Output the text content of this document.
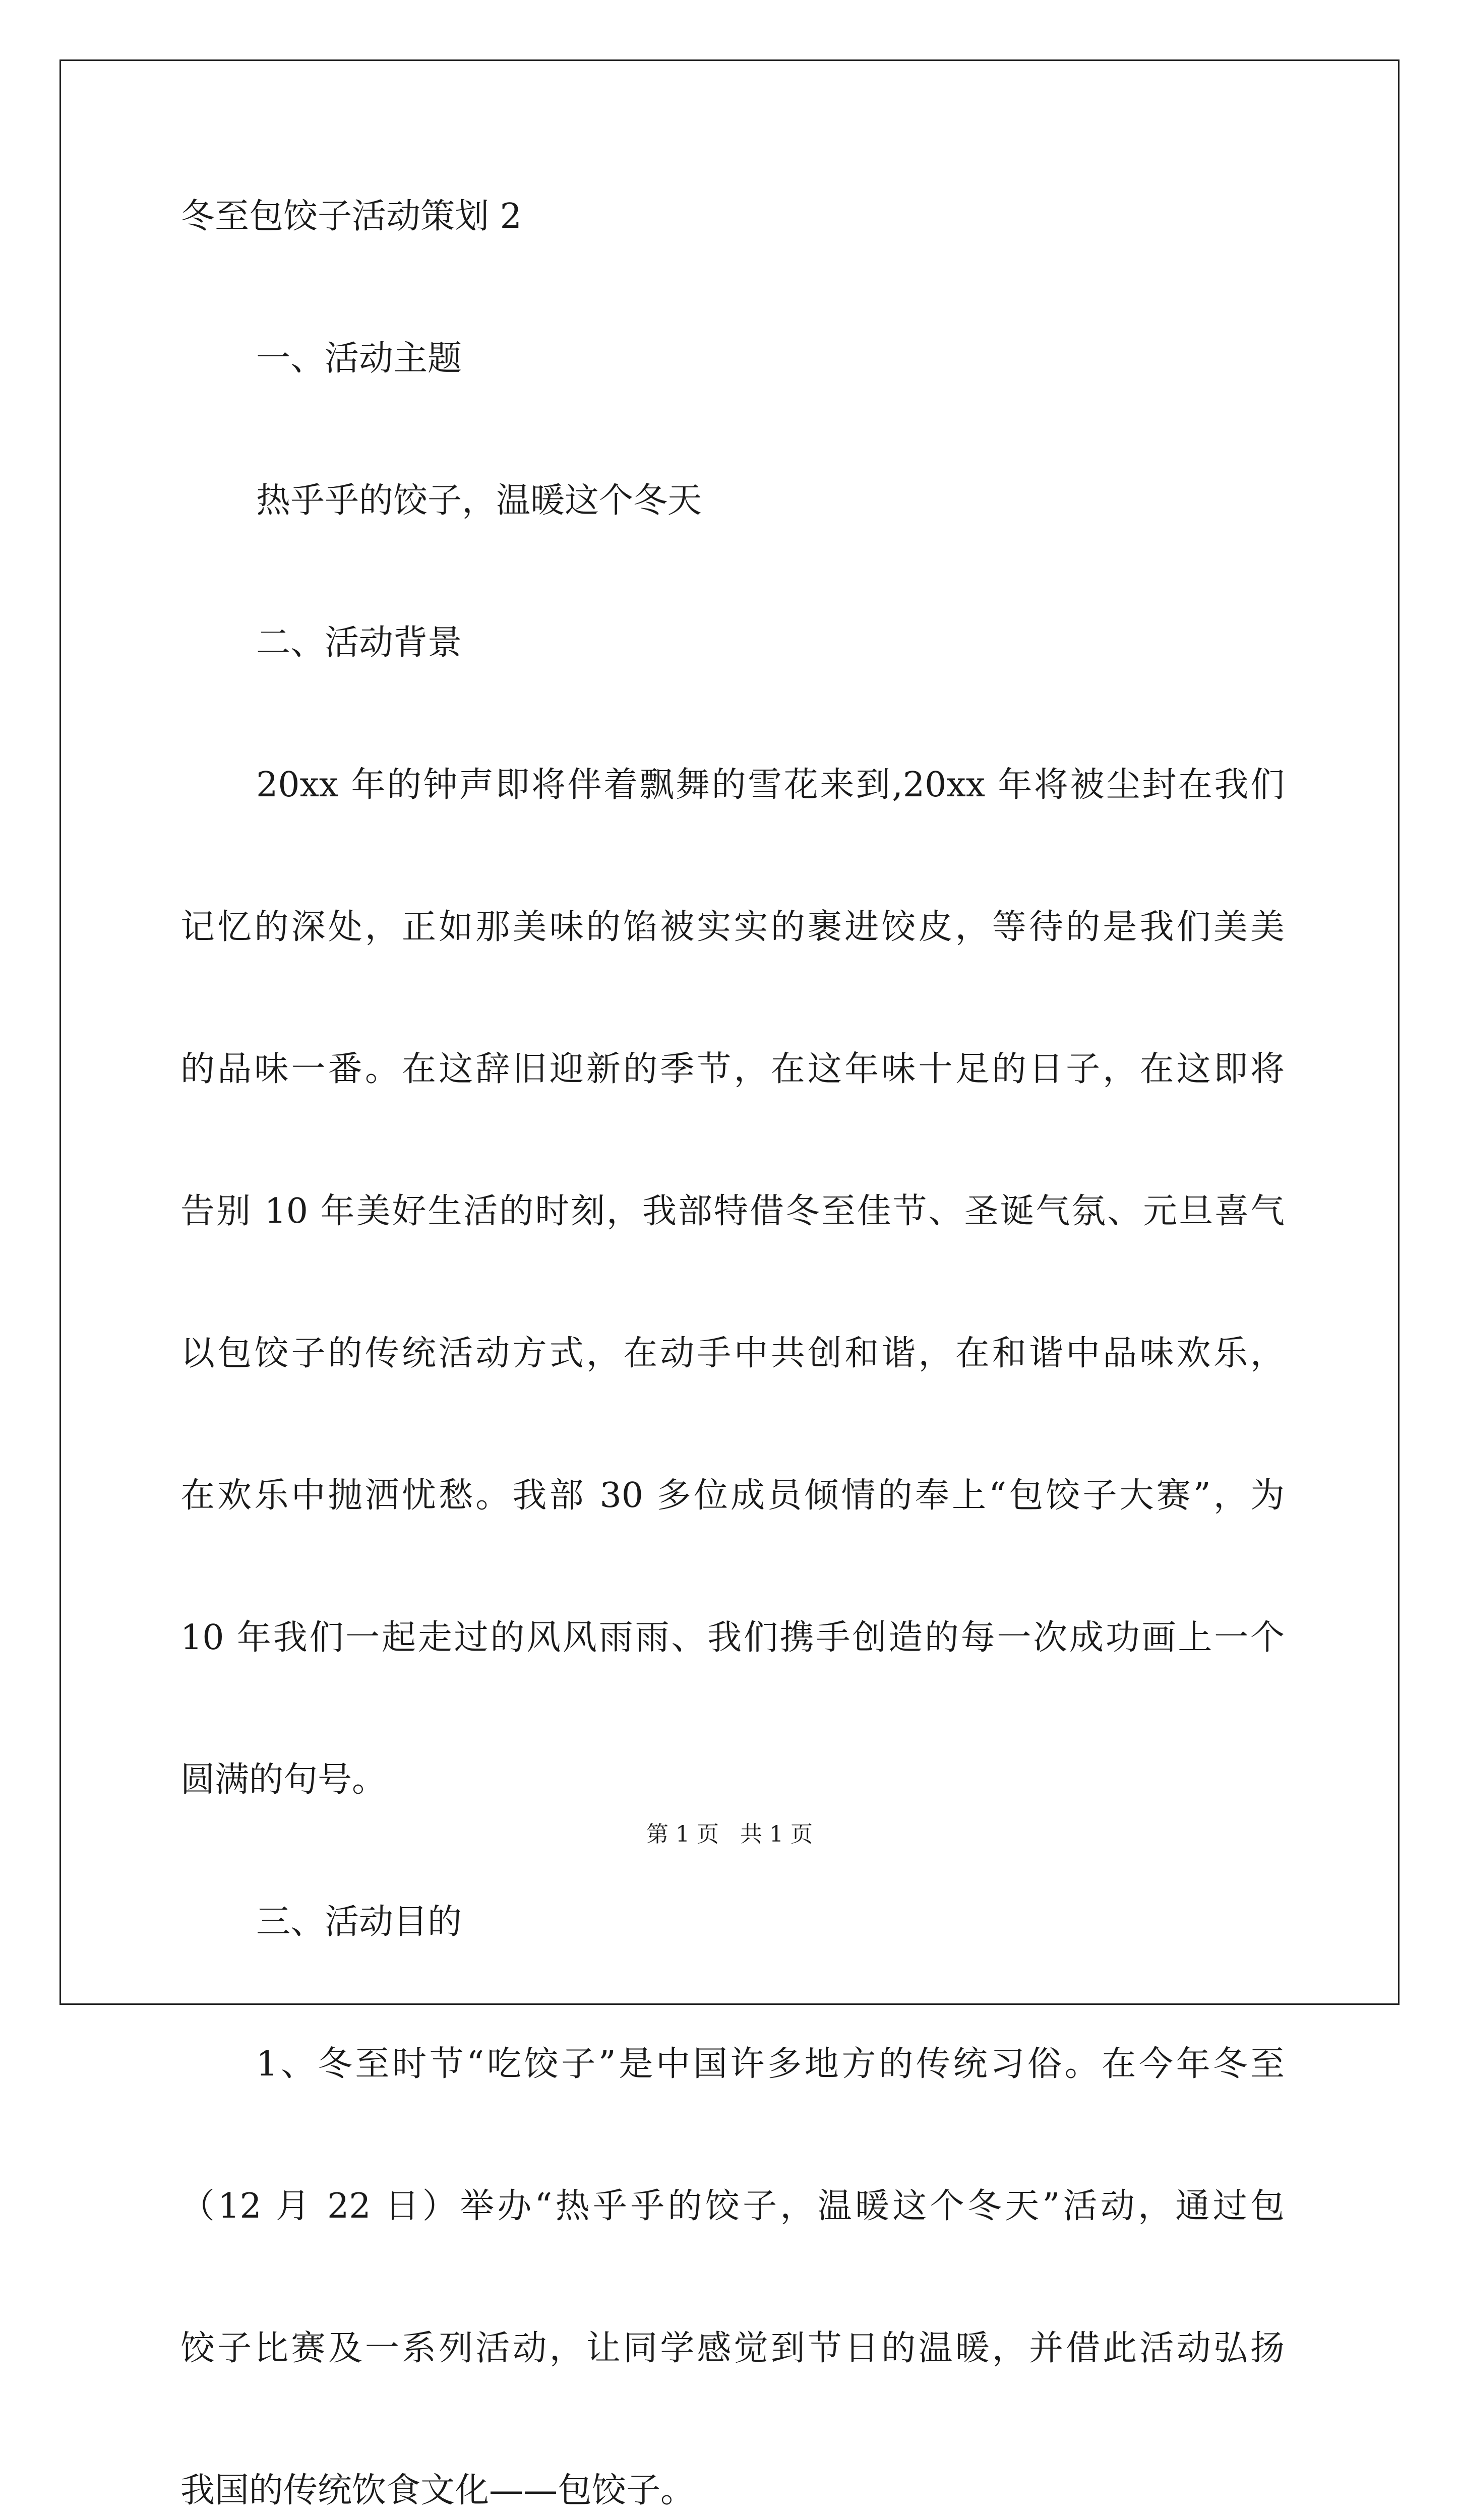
冬至包饺子活动策划 2
一、活动主题
热乎乎的饺子，温暖这个冬天
二、活动背景
20xx 年的钟声即将伴着飘舞的雪花来到,20xx 年将被尘封在我们
记忆的深处，正如那美味的馅被实实的裹进饺皮，等待的是我们美美
的品味一番。在这辞旧迎新的季节，在这年味十足的日子，在这即将
告别 10 年美好生活的时刻，我部特借冬至佳节、圣诞气氛、元旦喜气
以包饺子的传统活动方式，在动手中共创和谐，在和谐中品味欢乐，
在欢乐中抛洒忧愁。我部 30 多位成员倾情的奉上“包饺子大赛”，为
10 年我们一起走过的风风雨雨、我们携手创造的每一次成功画上一个
圆满的句号。
三、活动目的
1、冬至时节“吃饺子”是中国许多地方的传统习俗。在今年冬至
（12 月 22 日）举办“热乎乎的饺子，温暖这个冬天”活动，通过包
饺子比赛及一系列活动，让同学感觉到节日的温暖，并借此活动弘扬
我国的传统饮食文化——包饺子。
第 1 页   共 1 页
